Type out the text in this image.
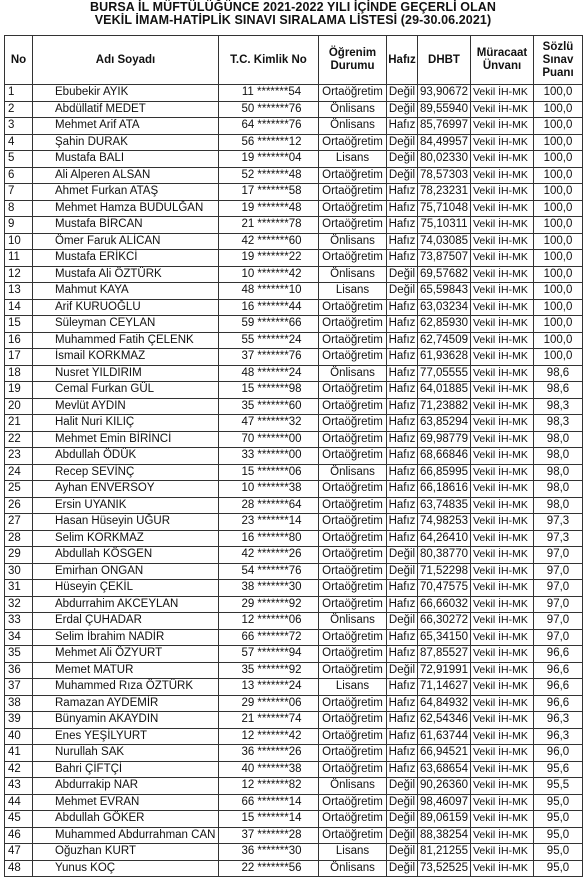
BURSA İL MÜFTÜLÜĞÜNCE 2021-2022 YILI İÇİNDE GEÇERLİ OLAN
VEKİL İMAM-HATİPLİK SINAVI SIRALAMA LİSTESİ (29-30.06.2021)
No	Adı Soyadı	T.C. Kimlik No	Öğrenim Durumu	Hafız	DHBT	Müracaat Ünvanı	Sözlü Sınav Puanı
1	Ebubekir AYIK	11 *******54	Ortaöğretim	Değil	93,90672	Vekil İH-MK	100,0
2	Abdüllatif MEDET	50 *******76	Önlisans	Değil	89,55940	Vekil İH-MK	100,0
3	Mehmet Arif ATA	64 *******76	Önlisans	Hafız	85,76997	Vekil İH-MK	100,0
4	Şahin DURAK	56 *******12	Ortaöğretim	Değil	84,49957	Vekil İH-MK	100,0
5	Mustafa BALI	19 *******04	Lisans	Değil	80,02330	Vekil İH-MK	100,0
6	Ali Alperen ALSAN	52 *******48	Ortaöğretim	Değil	78,57303	Vekil İH-MK	100,0
7	Ahmet Furkan ATAŞ	17 *******58	Ortaöğretim	Hafız	78,23231	Vekil İH-MK	100,0
8	Mehmet Hamza BUDULĞAN	19 *******48	Ortaöğretim	Hafız	75,71048	Vekil İH-MK	100,0
9	Mustafa BİRCAN	21 *******78	Ortaöğretim	Hafız	75,10311	Vekil İH-MK	100,0
10	Ömer Faruk ALİCAN	42 *******60	Önlisans	Hafız	74,03085	Vekil İH-MK	100,0
11	Mustafa ERİKCİ	19 *******22	Ortaöğretim	Hafız	73,87507	Vekil İH-MK	100,0
12	Mustafa Ali ÖZTÜRK	10 *******42	Önlisans	Değil	69,57682	Vekil İH-MK	100,0
13	Mahmut KAYA	48 *******10	Lisans	Değil	65,59843	Vekil İH-MK	100,0
14	Arif KURUOĞLU	16 *******44	Ortaöğretim	Hafız	63,03234	Vekil İH-MK	100,0
15	Süleyman CEYLAN	59 *******66	Ortaöğretim	Hafız	62,85930	Vekil İH-MK	100,0
16	Muhammed Fatih ÇELENK	55 *******24	Ortaöğretim	Hafız	62,74509	Vekil İH-MK	100,0
17	İsmail KORKMAZ	37 *******76	Ortaöğretim	Hafız	61,93628	Vekil İH-MK	100,0
18	Nusret YILDIRIM	48 *******24	Önlisans	Hafız	77,05555	Vekil İH-MK	98,6
19	Cemal Furkan GÜL	15 *******98	Ortaöğretim	Hafız	64,01885	Vekil İH-MK	98,6
20	Mevlüt AYDIN	35 *******60	Ortaöğretim	Hafız	71,23882	Vekil İH-MK	98,3
21	Halit Nuri KILIÇ	47 *******32	Ortaöğretim	Hafız	63,85294	Vekil İH-MK	98,3
22	Mehmet Emin BİRİNCİ	70 *******00	Ortaöğretim	Hafız	69,98779	Vekil İH-MK	98,0
23	Abdullah ÖDÜK	33 *******00	Ortaöğretim	Hafız	68,66846	Vekil İH-MK	98,0
24	Recep SEVİNÇ	15 *******06	Önlisans	Hafız	66,85995	Vekil İH-MK	98,0
25	Ayhan ENVERSOY	10 *******38	Ortaöğretim	Hafız	66,18616	Vekil İH-MK	98,0
26	Ersin UYANIK	28 *******64	Ortaöğretim	Hafız	63,74835	Vekil İH-MK	98,0
27	Hasan Hüseyin UĞUR	23 *******14	Ortaöğretim	Hafız	74,98253	Vekil İH-MK	97,3
28	Selim KORKMAZ	16 *******80	Ortaöğretim	Hafız	64,26410	Vekil İH-MK	97,3
29	Abdullah KÖSGEN	42 *******26	Ortaöğretim	Değil	80,38770	Vekil İH-MK	97,0
30	Emirhan ONGAN	54 *******76	Ortaöğretim	Değil	71,52298	Vekil İH-MK	97,0
31	Hüseyin ÇEKİL	38 *******30	Ortaöğretim	Hafız	70,47575	Vekil İH-MK	97,0
32	Abdurrahim AKCEYLAN	29 *******92	Ortaöğretim	Hafız	66,66032	Vekil İH-MK	97,0
33	Erdal ÇUHADAR	12 *******06	Önlisans	Değil	66,30272	Vekil İH-MK	97,0
34	Selim İbrahim NADİR	66 *******72	Ortaöğretim	Hafız	65,34150	Vekil İH-MK	97,0
35	Mehmet Ali ÖZYURT	57 *******94	Ortaöğretim	Hafız	87,85527	Vekil İH-MK	96,6
36	Memet MATUR	35 *******92	Ortaöğretim	Değil	72,91991	Vekil İH-MK	96,6
37	Muhammed Rıza ÖZTÜRK	13 *******24	Lisans	Hafız	71,14627	Vekil İH-MK	96,6
38	Ramazan AYDEMİR	29 *******06	Ortaöğretim	Hafız	64,84932	Vekil İH-MK	96,6
39	Bünyamin AKAYDIN	21 *******74	Ortaöğretim	Hafız	62,54346	Vekil İH-MK	96,3
40	Enes YEŞİLYURT	12 *******42	Ortaöğretim	Hafız	61,63744	Vekil İH-MK	96,3
41	Nurullah SAK	36 *******26	Ortaöğretim	Hafız	66,94521	Vekil İH-MK	96,0
42	Bahri ÇİFTÇİ	40 *******38	Ortaöğretim	Hafız	63,68654	Vekil İH-MK	95,6
43	Abdurrakip NAR	12 *******82	Önlisans	Değil	90,26360	Vekil İH-MK	95,5
44	Mehmet EVRAN	66 *******14	Ortaöğretim	Değil	98,46097	Vekil İH-MK	95,0
45	Abdullah GÖKER	15 *******14	Ortaöğretim	Değil	89,06159	Vekil İH-MK	95,0
46	Muhammed Abdurrahman CAN	37 *******28	Ortaöğretim	Değil	88,38254	Vekil İH-MK	95,0
47	Oğuzhan KURT	36 *******30	Lisans	Değil	81,21255	Vekil İH-MK	95,0
48	Yunus KOÇ	22 *******56	Önlisans	Değil	73,52525	Vekil İH-MK	95,0
